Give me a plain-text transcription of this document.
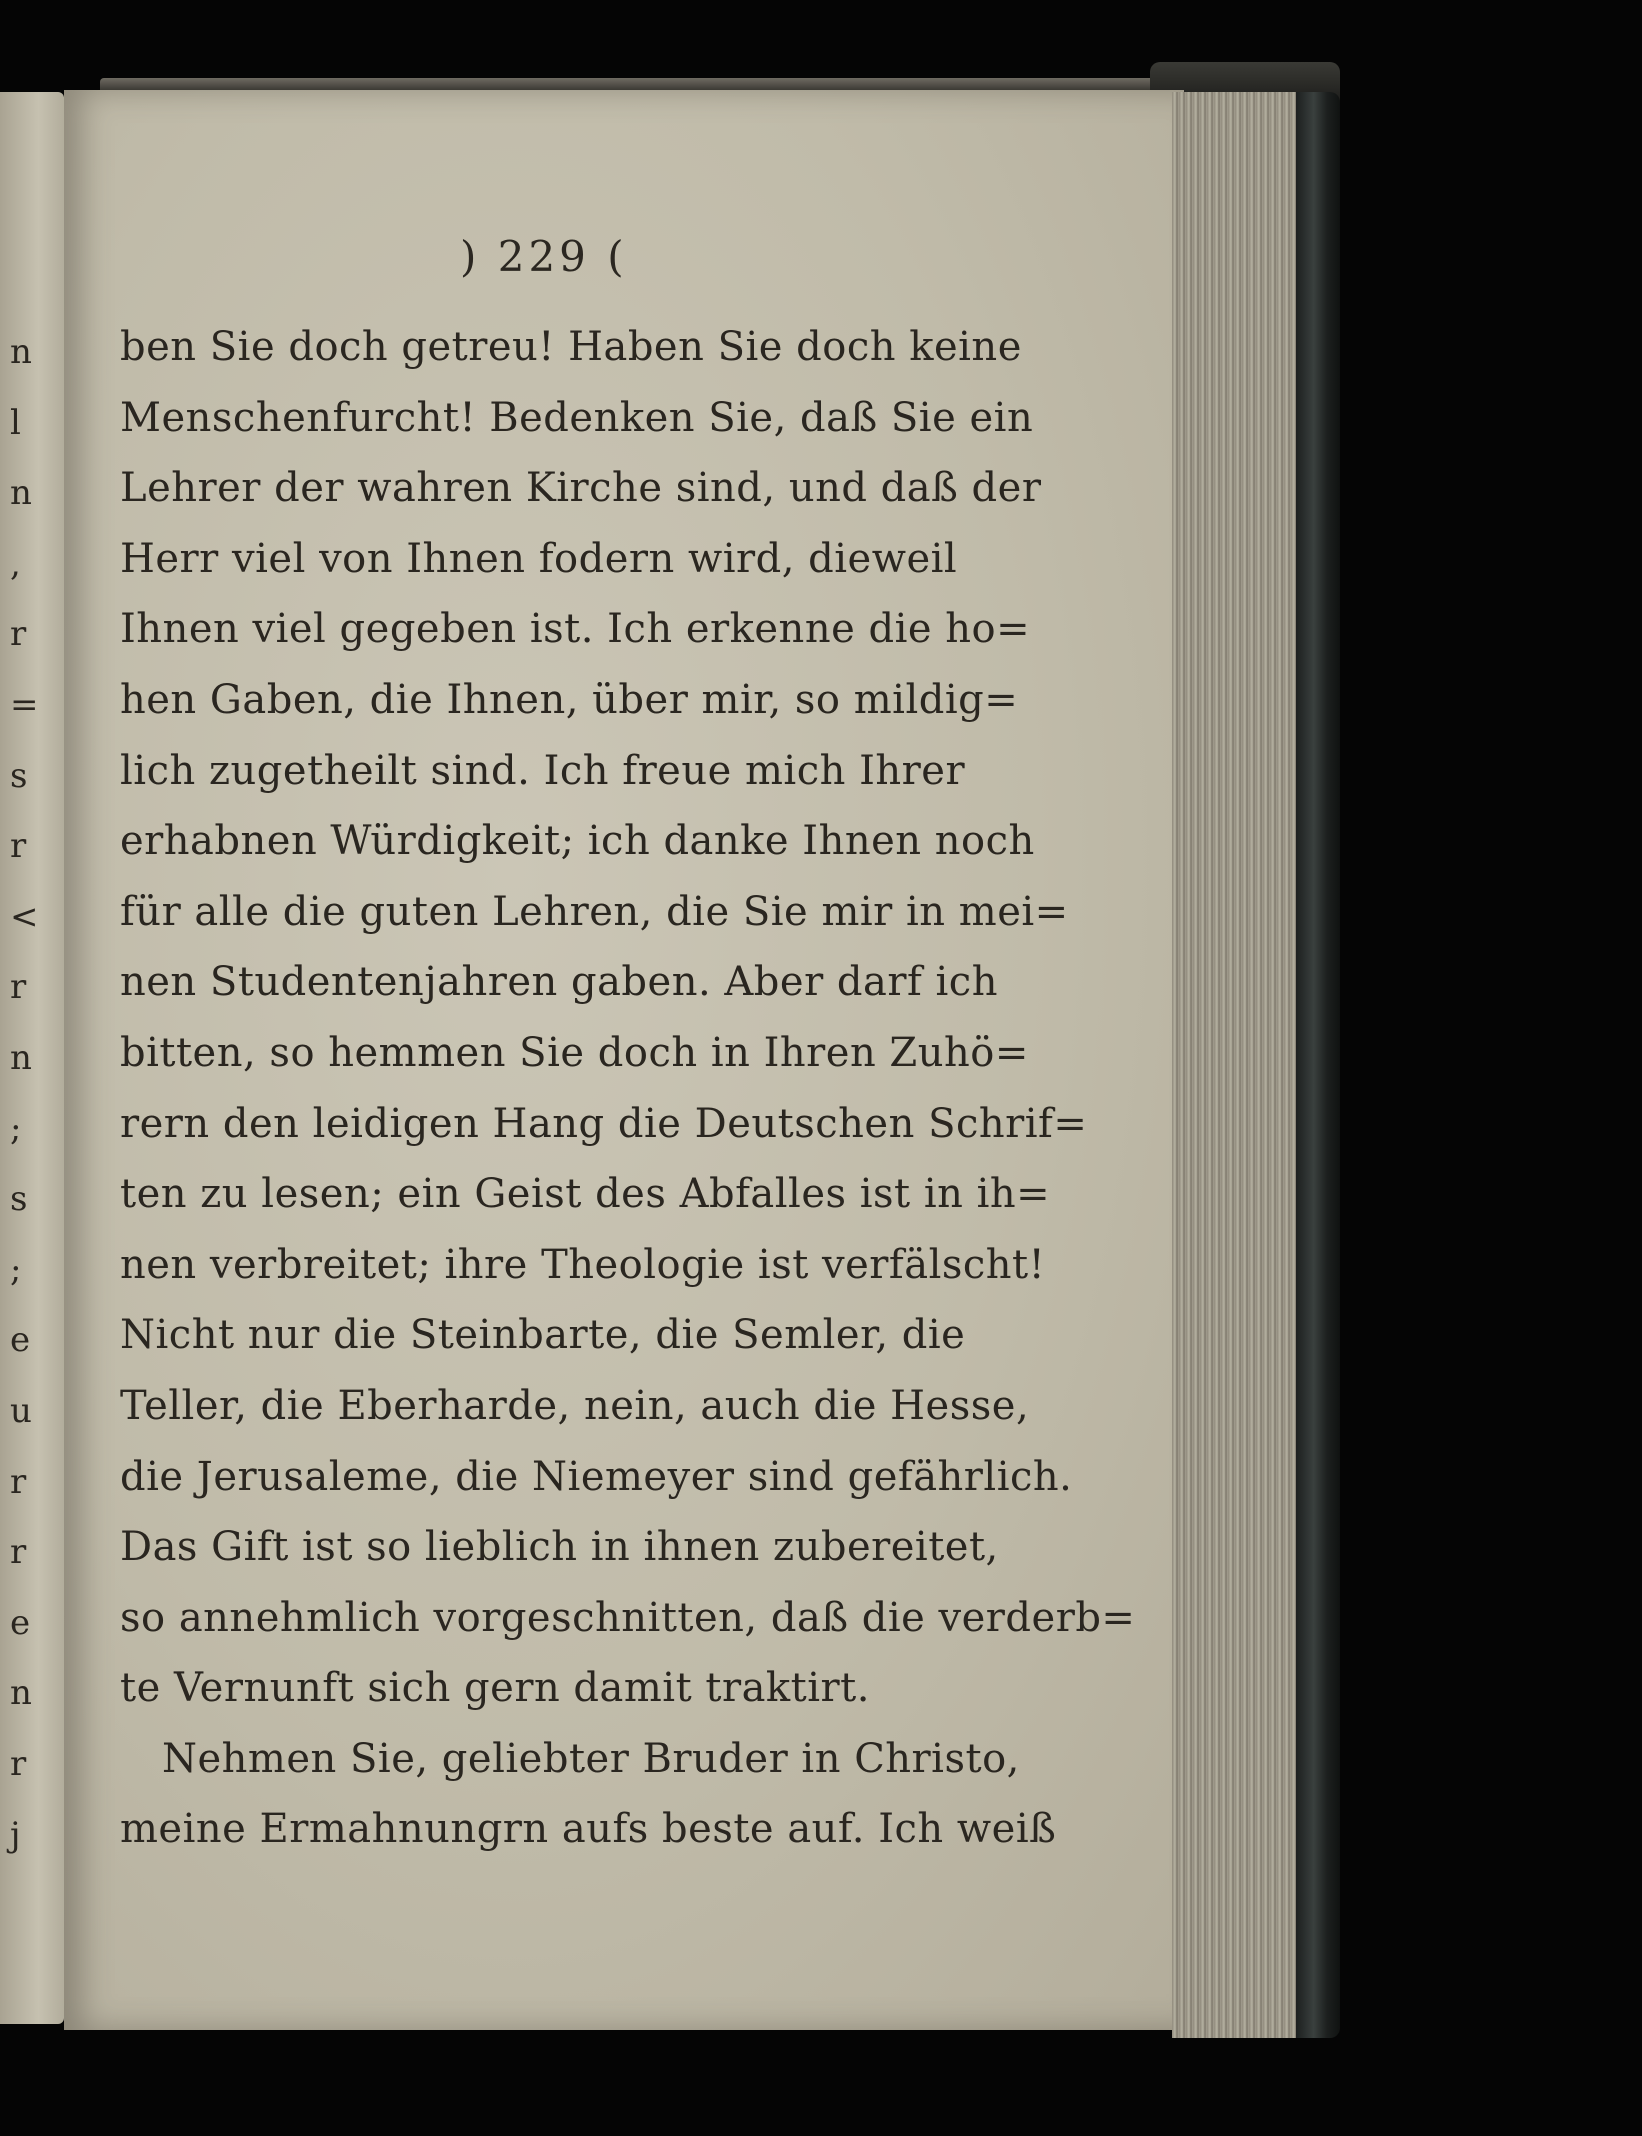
n
l
n
,
r
=
s
r
<
r
n
;
s
;
e
u
r
r
e
n
r
j
) 229 (
ben Sie doch getreu! Haben Sie doch keine
Menschenfurcht! Bedenken Sie, daß Sie ein
Lehrer der wahren Kirche sind, und daß der
Herr viel von Ihnen fodern wird, dieweil
Ihnen viel gegeben ist. Ich erkenne die ho=
hen Gaben, die Ihnen, über mir, so mildig=
lich zugetheilt sind. Ich freue mich Ihrer
erhabnen Würdigkeit; ich danke Ihnen noch
für alle die guten Lehren, die Sie mir in mei=
nen Studentenjahren gaben. Aber darf ich
bitten, so hemmen Sie doch in Ihren Zuhö=
rern den leidigen Hang die Deutschen Schrif=
ten zu lesen; ein Geist des Abfalles ist in ih=
nen verbreitet; ihre Theologie ist verfälscht!
Nicht nur die Steinbarte, die Semler, die
Teller, die Eberharde, nein, auch die Hesse,
die Jerusaleme, die Niemeyer sind gefährlich.
Das Gift ist so lieblich in ihnen zubereitet,
so annehmlich vorgeschnitten, daß die verderb=
te Vernunft sich gern damit traktirt.
Nehmen Sie, geliebter Bruder in Christo,
meine Ermahnungrn aufs beste auf. Ich weiß
